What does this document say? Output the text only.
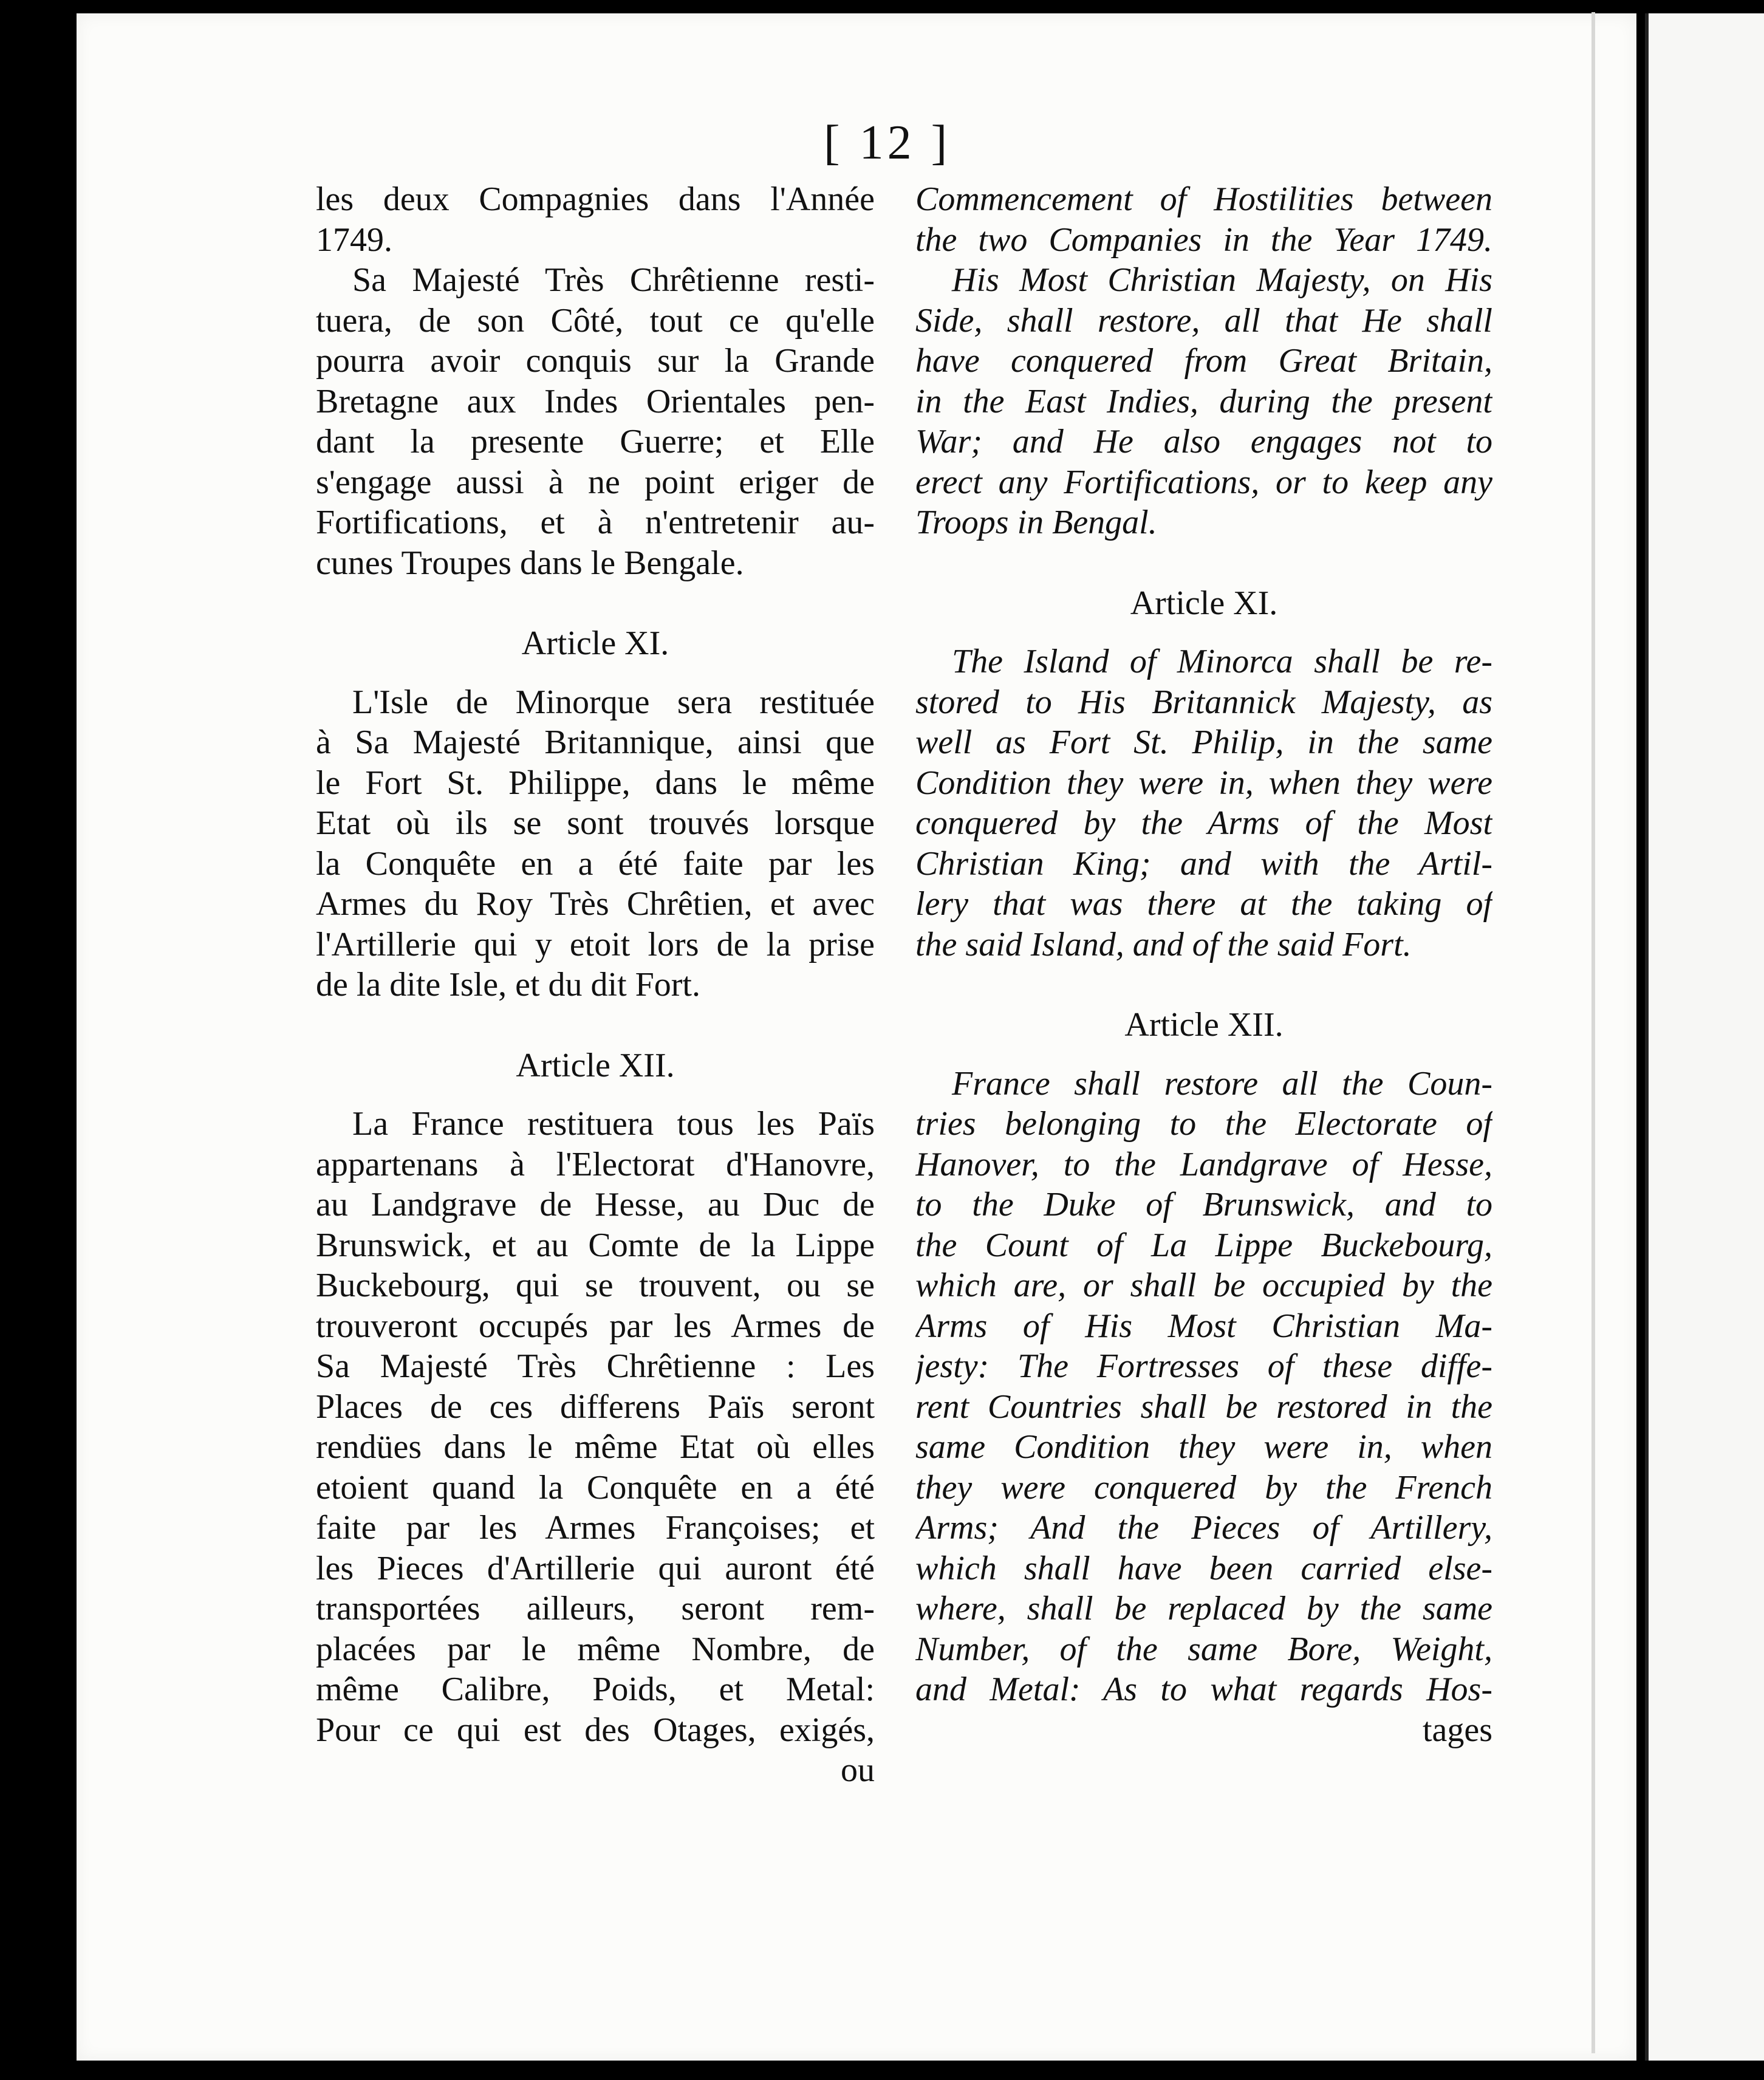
[ 12 ]
les deux Compagnies dans l'Année
1749.
Sa Majesté Très Chrêtienne resti-
tuera, de son Côté, tout ce qu'elle
pourra avoir conquis sur la Grande
Bretagne aux Indes Orientales pen-
dant la presente Guerre; et Elle
s'engage aussi à ne point eriger de
Fortifications, et à n'entretenir au-
cunes Troupes dans le Bengale.
Article XI.
L'Isle de Minorque sera restituée
à Sa Majesté Britannique, ainsi que
le Fort St. Philippe, dans le même
Etat où ils se sont trouvés lorsque
la Conquête en a été faite par les
Armes du Roy Très Chrêtien, et avec
l'Artillerie qui y etoit lors de la prise
de la dite Isle, et du dit Fort.
Article XII.
La France restituera tous les Païs
appartenans à l'Electorat d'Hanovre,
au Landgrave de Hesse, au Duc de
Brunswick, et au Comte de la Lippe
Buckebourg, qui se trouvent, ou se
trouveront occupés par les Armes de
Sa Majesté Très Chrêtienne : Les
Places de ces differens Païs seront
rendües dans le même Etat où elles
etoient quand la Conquête en a été
faite par les Armes Françoises; et
les Pieces d'Artillerie qui auront été
transportées ailleurs, seront rem-
placées par le même Nombre, de
même Calibre, Poids, et Metal:
Pour ce qui est des Otages, exigés,
ou
Commencement of Hostilities between
the two Companies in the Year 1749.
His Most Christian Majesty, on His
Side, shall restore, all that He shall
have conquered from Great Britain,
in the East Indies, during the present
War; and He also engages not to
erect any Fortifications, or to keep any
Troops in Bengal.
Article XI.
The Island of Minorca shall be re-
stored to His Britannick Majesty, as
well as Fort St. Philip, in the same
Condition they were in, when they were
conquered by the Arms of the Most
Christian King; and with the Artil-
lery that was there at the taking of
the said Island, and of the said Fort.
Article XII.
France shall restore all the Coun-
tries belonging to the Electorate of
Hanover, to the Landgrave of Hesse,
to the Duke of Brunswick, and to
the Count of La Lippe Buckebourg,
which are, or shall be occupied by the
Arms of His Most Christian Ma-
jesty: The Fortresses of these diffe-
rent Countries shall be restored in the
same Condition they were in, when
they were conquered by the French
Arms; And the Pieces of Artillery,
which shall have been carried else-
where, shall be replaced by the same
Number, of the same Bore, Weight,
and Metal: As to what regards Hos-
tages
